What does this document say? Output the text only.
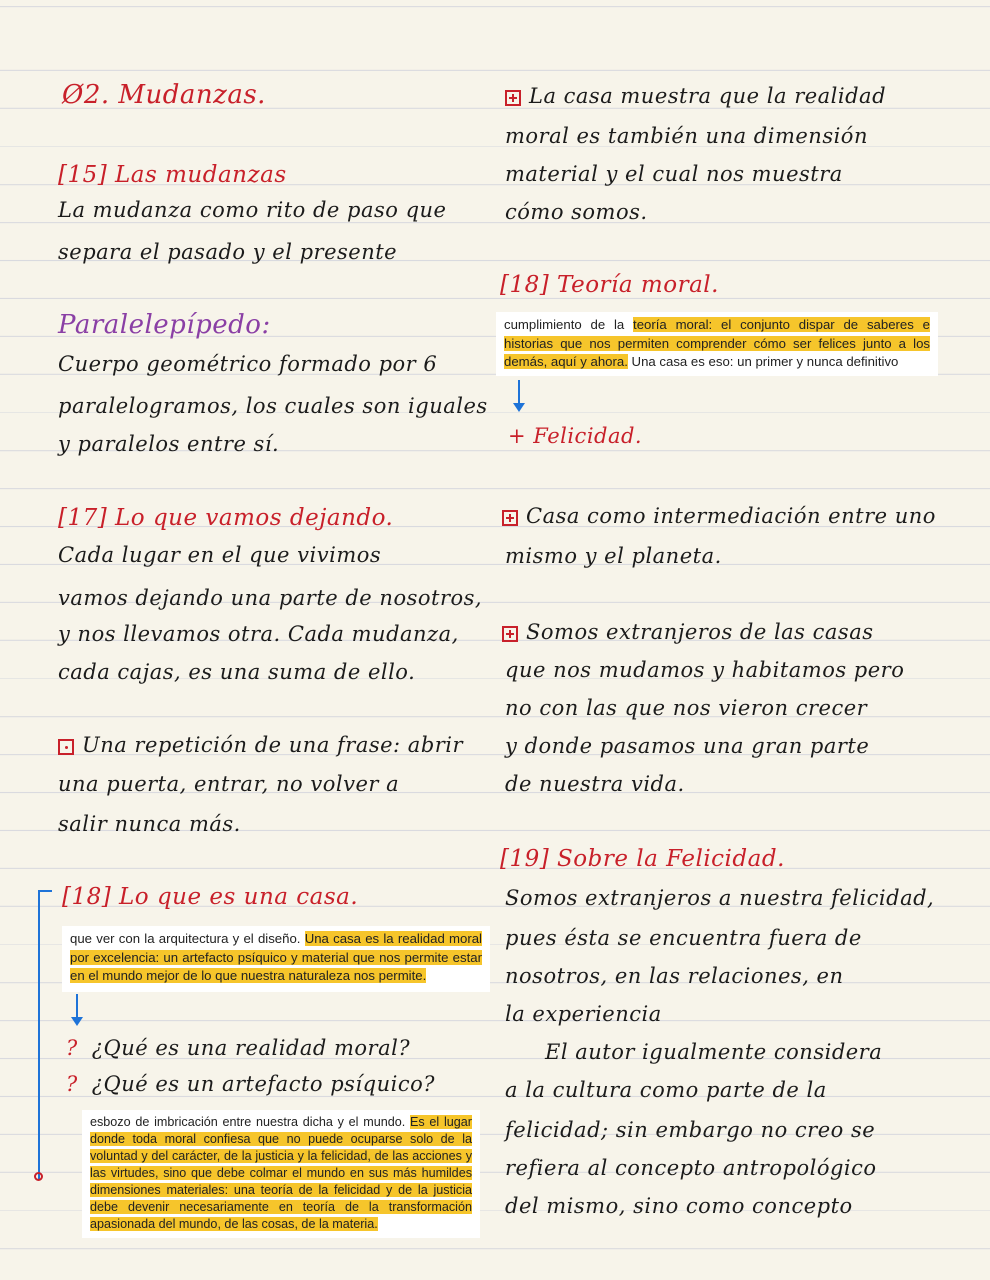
Ø2. Mudanzas.
[15] Las mudanzas
La mudanza como rito de paso que
separa el pasado y el presente
Paralelepípedo:
Cuerpo geométrico formado por 6
paralelogramos, los cuales son iguales
y paralelos entre sí.
[17] Lo que vamos dejando.
Cada lugar en el que vivimos
vamos dejando una parte de nosotros,
y nos llevamos otra. Cada mudanza,
cada cajas, es una suma de ello.
Una repetición de una frase: abrir
una puerta, entrar, no volver a
salir nunca más.
[18] Lo que es una casa.
que ver con la arquitectura y el diseño. Una casa es la realidad moral por excelencia: un artefacto psíquico y material que nos permite estar en el mundo mejor de lo que nuestra naturaleza nos permite.
? ¿Qué es una realidad moral?
? ¿Qué es un artefacto psíquico?
esbozo de imbricación entre nuestra dicha y el mundo. Es el lugar donde toda moral confiesa que no puede ocuparse solo de la voluntad y del carácter, de la justicia y la felicidad, de las acciones y las virtudes, sino que debe colmar el mundo en sus más humildes dimensiones materiales: una teoría de la felicidad y de la justicia debe devenir necesariamente en teoría de la transformación apasionada del mundo, de las cosas, de la materia.
La casa muestra que la realidad
moral es también una dimensión
material y el cual nos muestra
cómo somos.
[18] Teoría moral.
cumplimiento de la teoría moral: el conjunto dispar de saberes e historias que nos permiten comprender cómo ser felices junto a los demás, aquí y ahora. Una casa es eso: un primer y nunca definitivo
+ Felicidad.
Casa como intermediación entre uno
mismo y el planeta.
Somos extranjeros de las casas
que nos mudamos y habitamos pero
no con las que nos vieron crecer
y donde pasamos una gran parte
de nuestra vida.
[19] Sobre la Felicidad.
Somos extranjeros a nuestra felicidad,
pues ésta se encuentra fuera de
nosotros, en las relaciones, en
la experiencia
El autor igualmente considera
a la cultura como parte de la
felicidad; sin embargo no creo se
refiera al concepto antropológico
del mismo, sino como concepto
